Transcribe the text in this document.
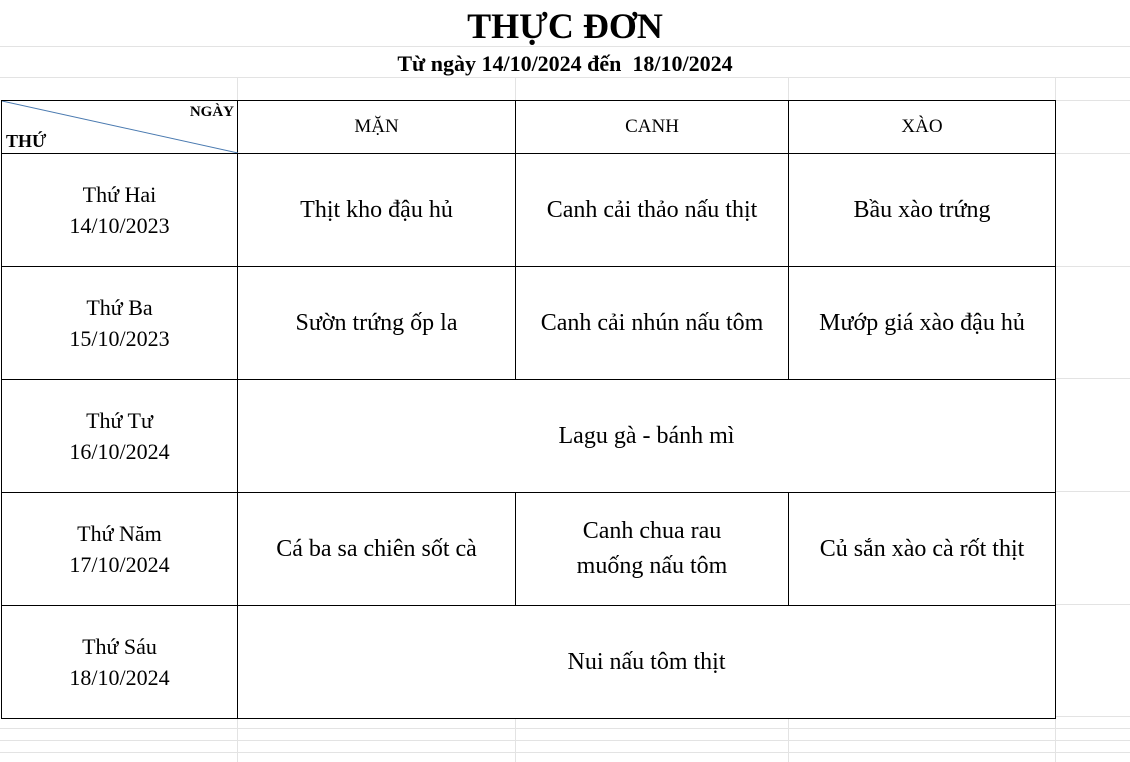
THỰC ĐƠN
Từ ngày 14/10/2024 đến  18/10/2024
NGÀY
THỨ	MẶN	CANH	XÀO

Thứ Hai
14/10/2023	Thịt kho đậu hủ	Canh cải thảo nấu thịt	Bầu xào trứng

Thứ Ba
15/10/2023	Sườn trứng ốp la	Canh cải nhún nấu tôm	Mướp giá xào đậu hủ

Thứ Tư
16/10/2024	Lagu gà - bánh mì		

Thứ Năm
17/10/2024	Cá ba sa chiên sốt cà	Canh chua rau muống nấu tôm	Củ sắn xào cà rốt thịt

Thứ Sáu
18/10/2024	Nui nấu tôm thịt		
